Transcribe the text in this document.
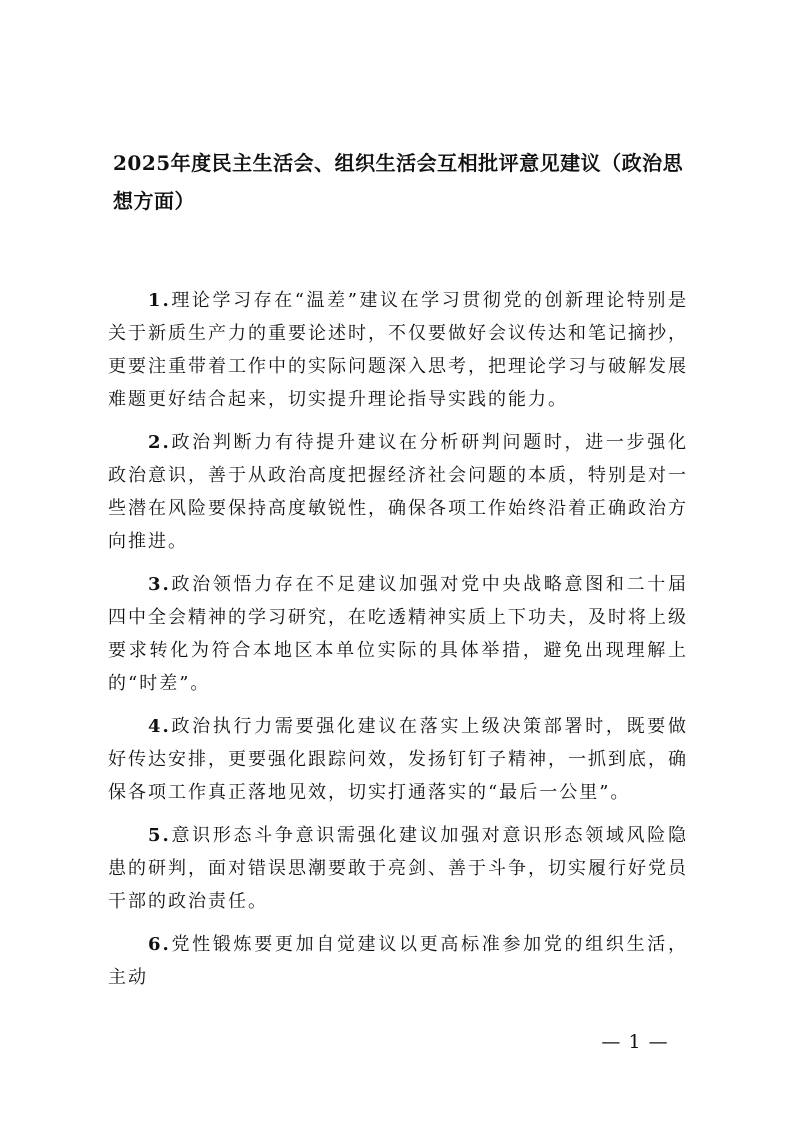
2025年度民主生活会、组织生活会互相批评意见建议（政治思想方面）

1.理论学习存在“温差”建议在学习贯彻党的创新理论特别是关于新质生产力的重要论述时，不仅要做好会议传达和笔记摘抄，更要注重带着工作中的实际问题深入思考，把理论学习与破解发展难题更好结合起来，切实提升理论指导实践的能力。

2.政治判断力有待提升建议在分析研判问题时，进一步强化政治意识，善于从政治高度把握经济社会问题的本质，特别是对一些潜在风险要保持高度敏锐性，确保各项工作始终沿着正确政治方向推进。

3.政治领悟力存在不足建议加强对党中央战略意图和二十届四中全会精神的学习研究，在吃透精神实质上下功夫，及时将上级要求转化为符合本地区本单位实际的具体举措，避免出现理解上的“时差”。

4.政治执行力需要强化建议在落实上级决策部署时，既要做好传达安排，更要强化跟踪问效，发扬钉钉子精神，一抓到底，确保各项工作真正落地见效，切实打通落实的“最后一公里”。

5.意识形态斗争意识需强化建议加强对意识形态领域风险隐患的研判，面对错误思潮要敢于亮剑、善于斗争，切实履行好党员干部的政治责任。

6.党性锻炼要更加自觉建议以更高标准参加党的组织生活，主动

— 1 —
